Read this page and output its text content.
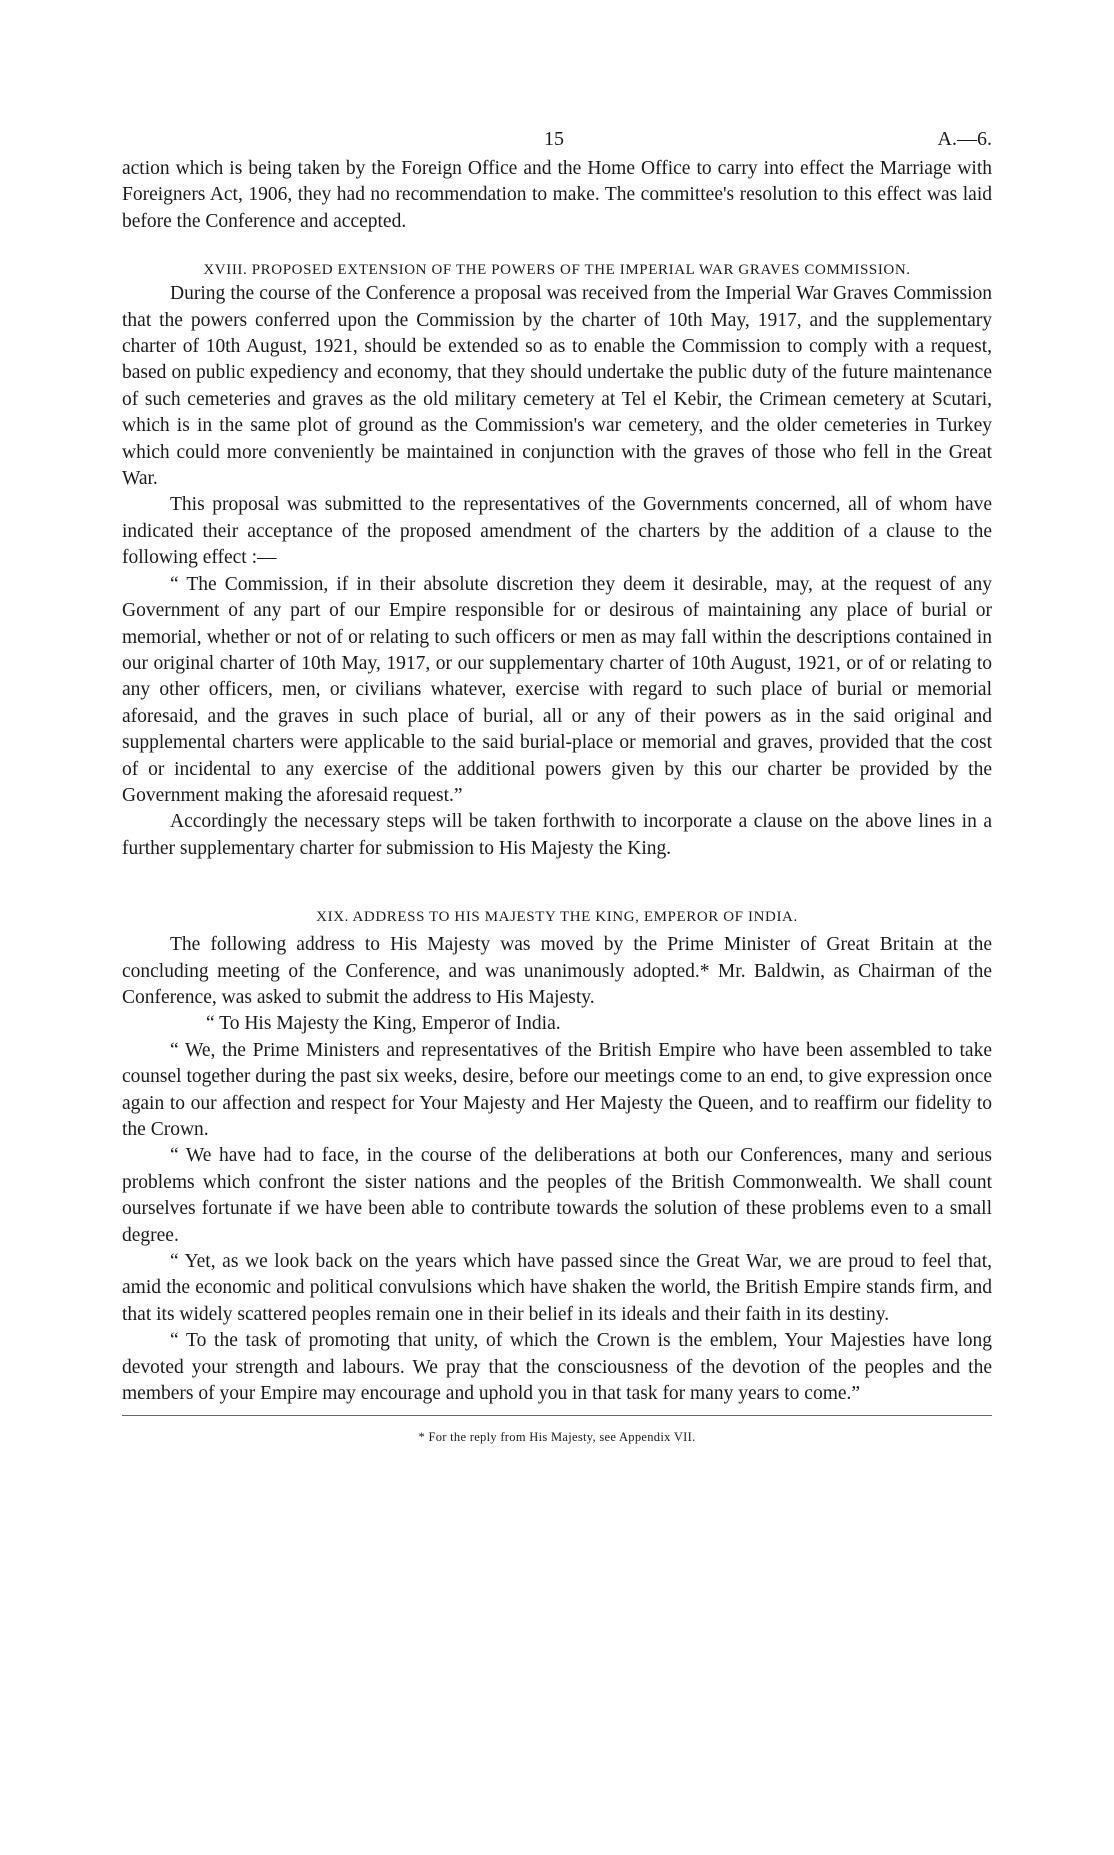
15	A.—6.

action which is being taken by the Foreign Office and the Home Office to carry into effect the Marriage with Foreigners Act, 1906, they had no recommendation to make. The committee's resolution to this effect was laid before the Conference and accepted.

XVIII. PROPOSED EXTENSION OF THE POWERS OF THE IMPERIAL WAR GRAVES COMMISSION.

During the course of the Conference a proposal was received from the Imperial War Graves Commission that the powers conferred upon the Commission by the charter of 10th May, 1917, and the supplementary charter of 10th August, 1921, should be extended so as to enable the Commission to comply with a request, based on public expediency and economy, that they should undertake the public duty of the future maintenance of such cemeteries and graves as the old military cemetery at Tel el Kebir, the Crimean cemetery at Scutari, which is in the same plot of ground as the Commission's war cemetery, and the older cemeteries in Turkey which could more conveniently be maintained in conjunction with the graves of those who fell in the Great War.

This proposal was submitted to the representatives of the Governments concerned, all of whom have indicated their acceptance of the proposed amendment of the charters by the addition of a clause to the following effect :—

“ The Commission, if in their absolute discretion they deem it desirable, may, at the request of any Government of any part of our Empire responsible for or desirous of maintaining any place of burial or memorial, whether or not of or relating to such officers or men as may fall within the descriptions contained in our original charter of 10th May, 1917, or our supplementary charter of 10th August, 1921, or of or relating to any other officers, men, or civilians whatever, exercise with regard to such place of burial or memorial aforesaid, and the graves in such place of burial, all or any of their powers as in the said original and supplemental charters were applicable to the said burial-place or memorial and graves, provided that the cost of or incidental to any exercise of the additional powers given by this our charter be provided by the Government making the aforesaid request.”

Accordingly the necessary steps will be taken forthwith to incorporate a clause on the above lines in a further supplementary charter for submission to His Majesty the King.

XIX. ADDRESS TO HIS MAJESTY THE KING, EMPEROR OF INDIA.

The following address to His Majesty was moved by the Prime Minister of Great Britain at the concluding meeting of the Conference, and was unanimously adopted.* Mr. Baldwin, as Chairman of the Conference, was asked to submit the address to His Majesty.

“ To His Majesty the King, Emperor of India.

“ We, the Prime Ministers and representatives of the British Empire who have been assembled to take counsel together during the past six weeks, desire, before our meetings come to an end, to give expression once again to our affection and respect for Your Majesty and Her Majesty the Queen, and to reaffirm our fidelity to the Crown.

“ We have had to face, in the course of the deliberations at both our Conferences, many and serious problems which confront the sister nations and the peoples of the British Commonwealth. We shall count ourselves fortunate if we have been able to contribute towards the solution of these problems even to a small degree.

“ Yet, as we look back on the years which have passed since the Great War, we are proud to feel that, amid the economic and political convulsions which have shaken the world, the British Empire stands firm, and that its widely scattered peoples remain one in their belief in its ideals and their faith in its destiny.

“ To the task of promoting that unity, of which the Crown is the emblem, Your Majesties have long devoted your strength and labours. We pray that the consciousness of the devotion of the peoples and the members of your Empire may encourage and uphold you in that task for many years to come.”

* For the reply from His Majesty, see Appendix VII.
